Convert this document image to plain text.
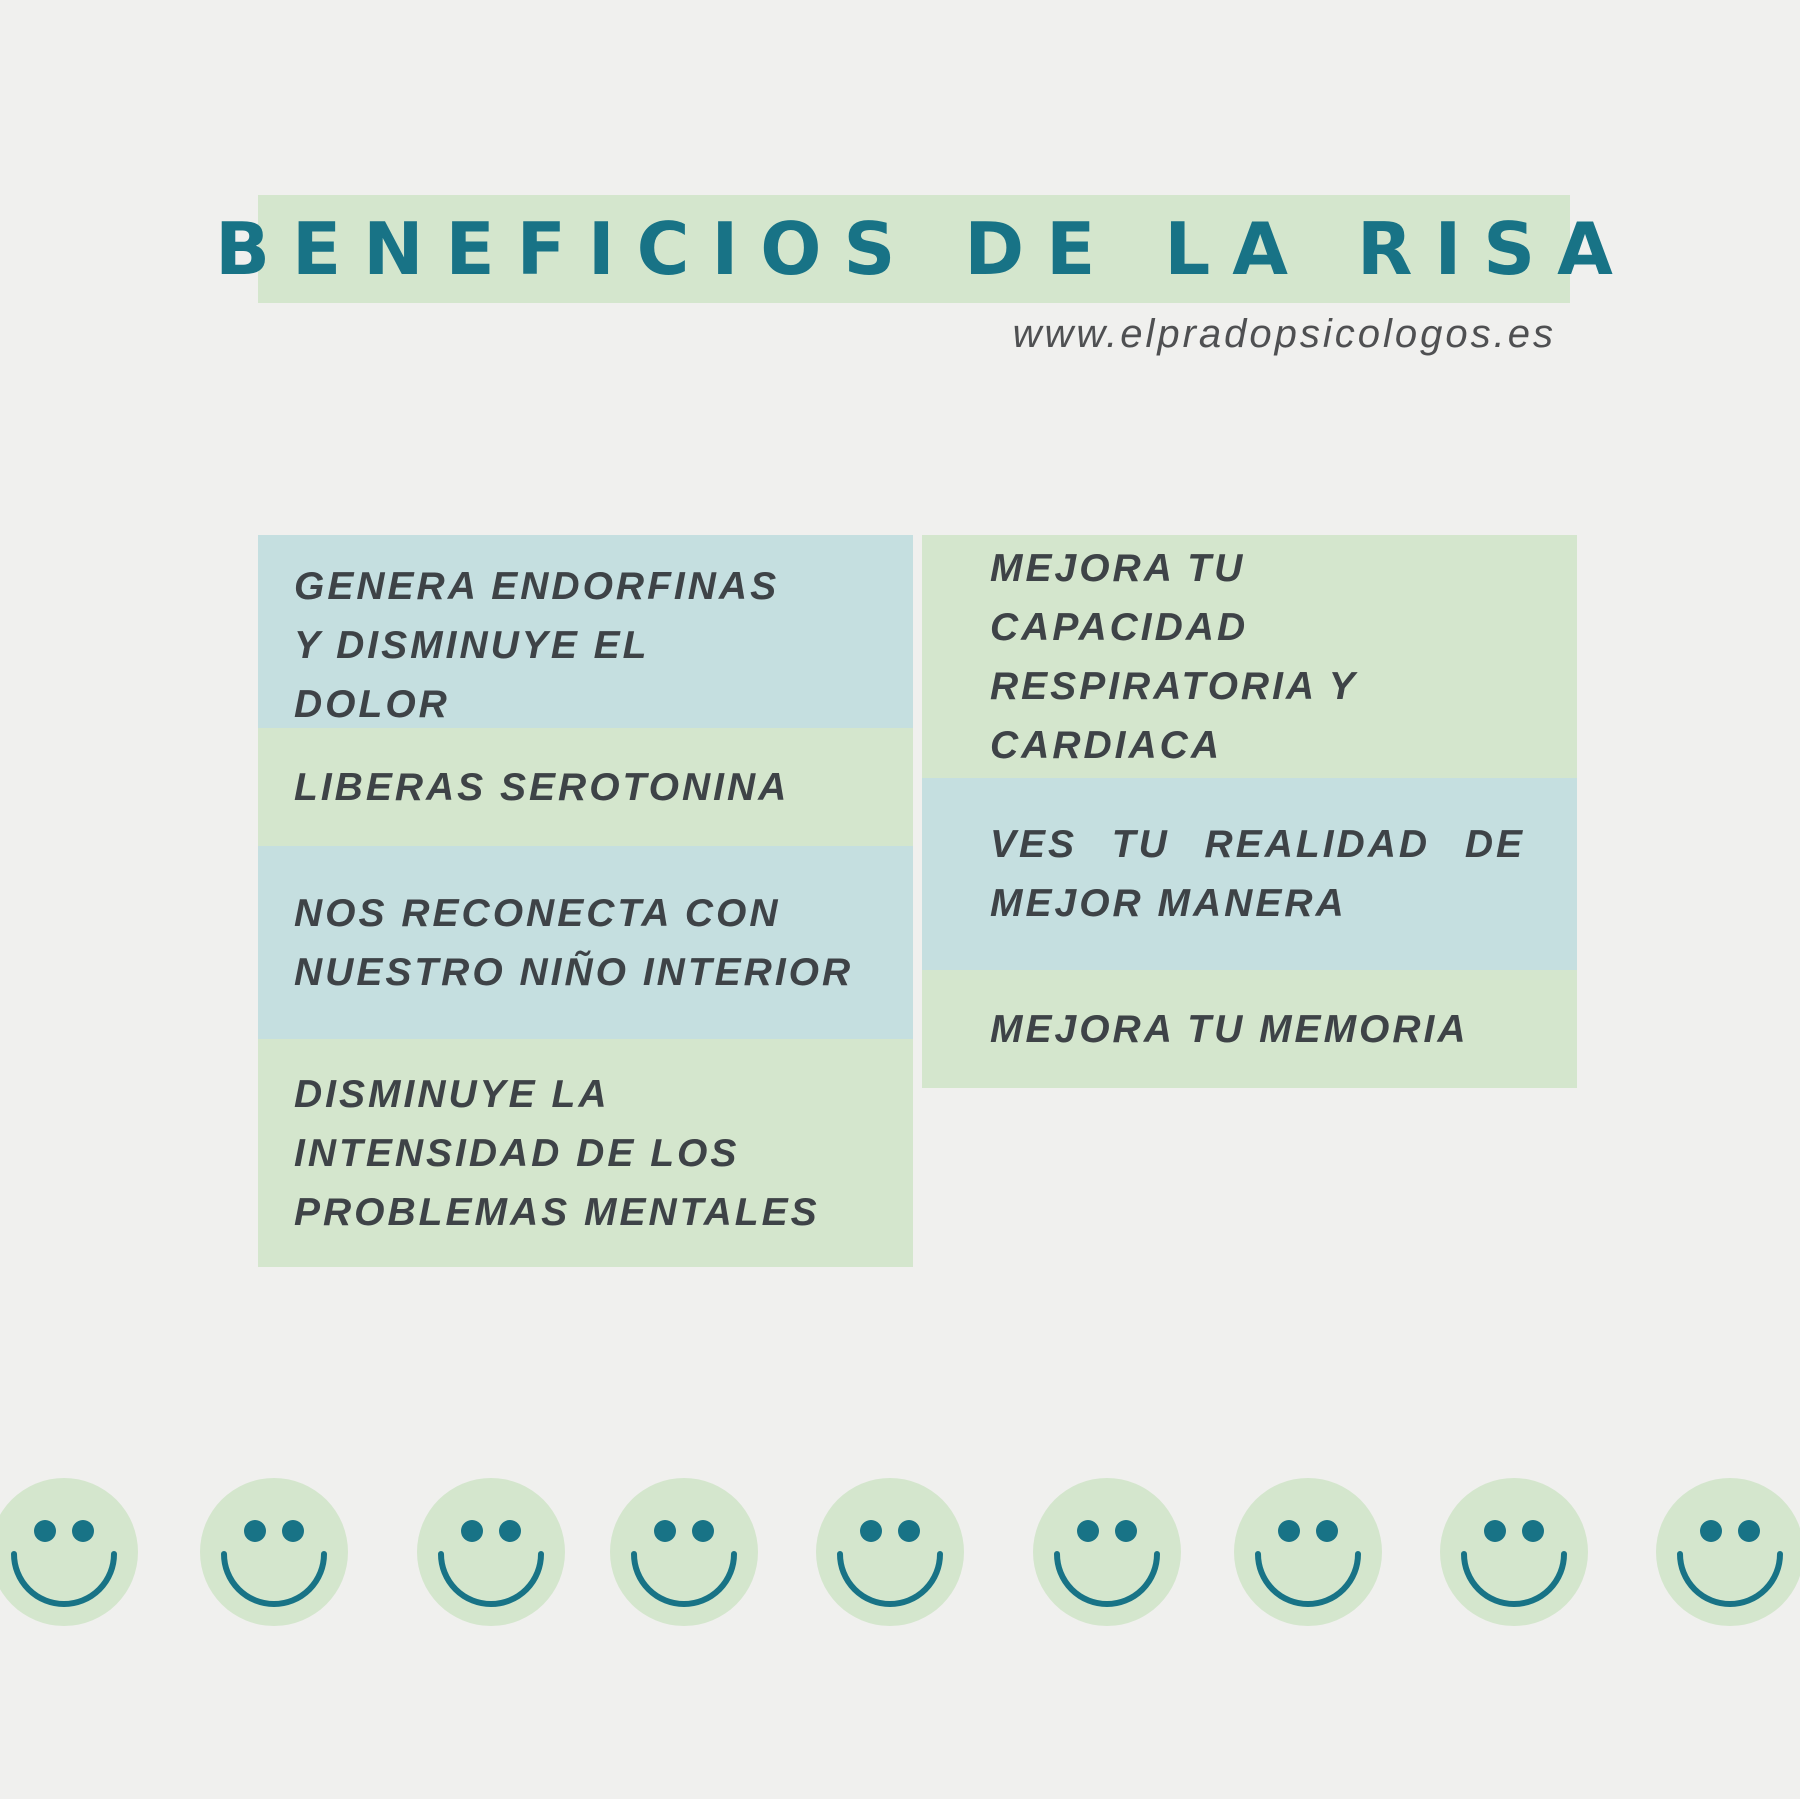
BENEFICIOS DE LA RISA
www.elpradopsicologos.es
GENERA ENDORFINAS Y DISMINUYE EL DOLOR
LIBERAS SEROTONINA
NOS RECONECTA CON NUESTRO NIÑO INTERIOR
DISMINUYE LA INTENSIDAD DE LOS PROBLEMAS MENTALES
MEJORA TU CAPACIDAD RESPIRATORIA Y CARDIACA
VES TU REALIDAD DE MEJOR MANERA
MEJORA TU MEMORIA
